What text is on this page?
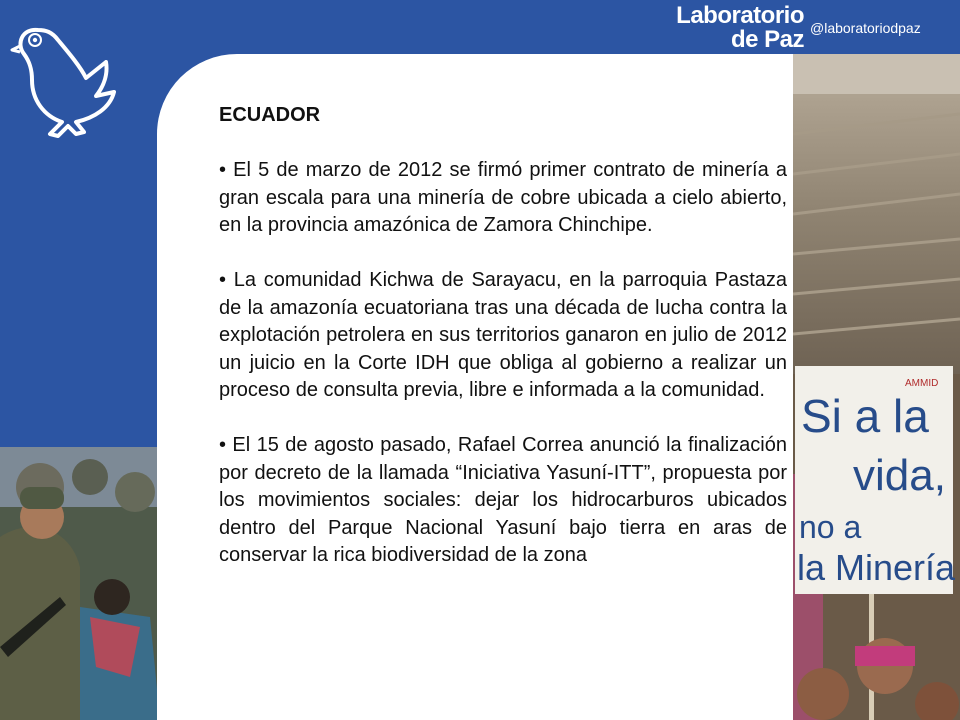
Laboratorio
de Paz @laboratoriodpaz
Si a la
vida,
no a
la Minería
AMMID

ECUADOR

• El 5 de marzo de 2012 se firmó primer contrato de minería a gran escala para una minería de cobre ubicada a cielo abierto, en la provincia amazónica de Zamora Chinchipe.

• La comunidad Kichwa de Sarayacu, en la parroquia Pastaza de la amazonía ecuatoriana tras una década de lucha contra la explotación petrolera en sus territorios ganaron en julio de 2012 un juicio en la Corte IDH que obliga al gobierno a realizar un proceso de consulta previa, libre e informada a la comunidad.

• El 15 de agosto pasado, Rafael Correa anunció la finalización por decreto de la llamada “Iniciativa Yasuní-ITT”, propuesta por los movimientos sociales: dejar los hidrocarburos ubicados dentro del Parque Nacional Yasuní bajo tierra en aras de conservar la rica biodiversidad de la zona
